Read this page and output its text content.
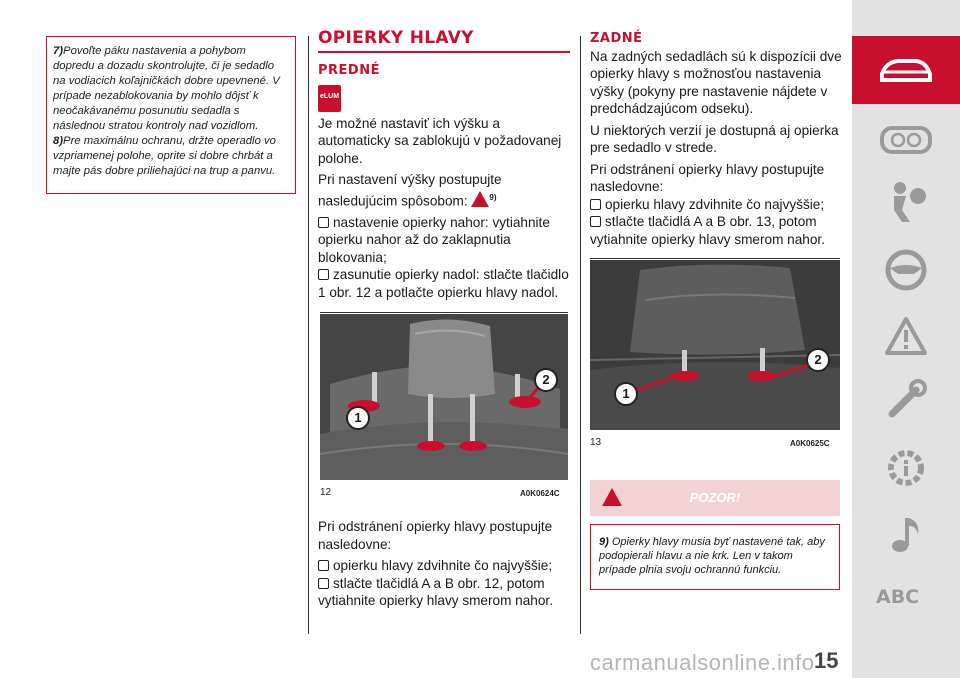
7)Povoľte páku nastavenia a pohybom dopredu a dozadu skontrolujte, či je sedadlo na vodiacich koľajničkách dobre upevnené. V prípade nezablokovania by mohlo dôjsť k neočakávanému posunutiu sedadla s následnou stratou kontroly nad vozidlom.

8)Pre maximálnu ochranu, držte operadlo vo vzpriamenej polohe, oprite si dobre chrbát a majte pás dobre priliehajúci na trup a panvu.

OPIERKY HLAVY
PREDNÉ
eLUM

Je možné nastaviť ich výšku a automaticky sa zablokujú v požadovanej polohe.

Pri nastavení výšky postupujte nasledujúcim spôsobom:	$^{9)}$

nastavenie opierky nahor: vytiahnite opierku nahor až do zaklapnutia blokovania;

zasunutie opierky nadol: stlačte tlačidlo 1 obr. 12 a potlačte opierku hlavy nadol.

1
2
12	A0K0624C

Pri odstránení opierky hlavy postupujte nasledovne:

opierku hlavy zdvihnite čo najvyššie;

stlačte tlačidlá A a B obr. 12, potom vytiahnite opierky hlavy smerom nahor.

ZADNÉ

Na zadných sedadlách sú k dispozícii dve opierky hlavy s možnosťou nastavenia výšky (pokyny pre nastavenie nájdete v predchádzajúcom odseku).

U niektorých verzií je dostupná aj opierka pre sedadlo v strede.

Pri odstránení opierky hlavy postupujte nasledovne:

opierku hlavy zdvihnite čo najvyššie;

stlačte tlačidlá A a B obr. 13, potom vytiahnite opierky hlavy smerom nahor.

1
2
13	A0K0625C
POZOR!
9) Opierky hlavy musia byť nastavené tak, aby podopierali hlavu a nie krk. Len v takom prípade plnia svoju ochrannú funkciu.
ABC
15
carmanualsonline.info
